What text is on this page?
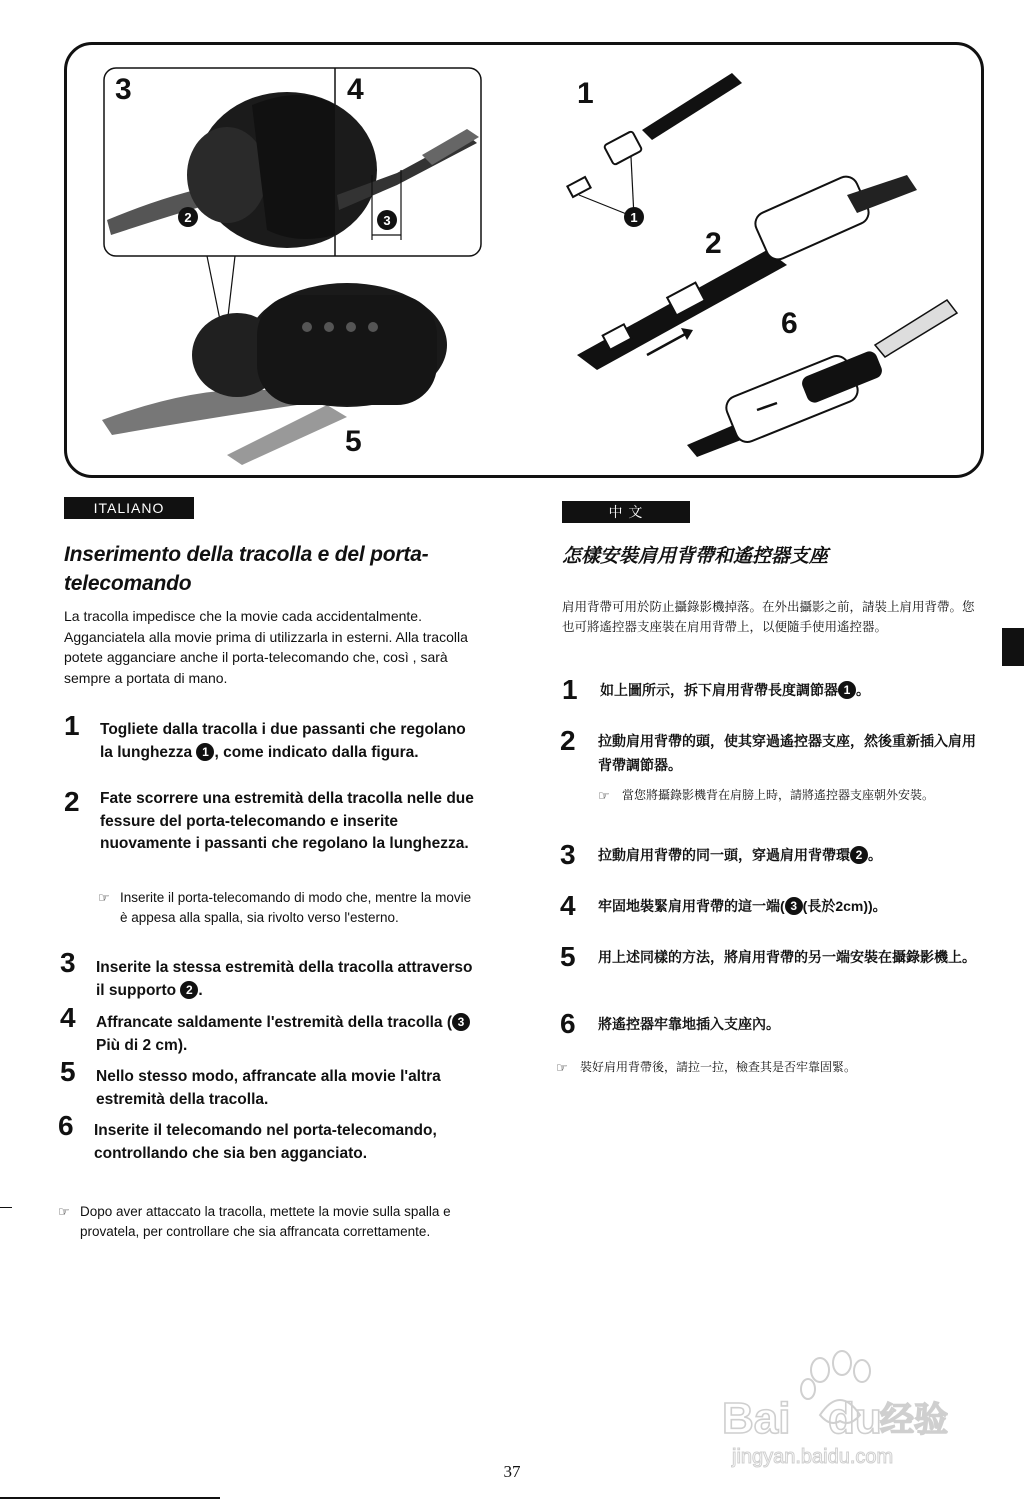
2	3	1
3	4	1
2
6
5
ITALIANO
Inserimento della tracolla e del porta-telecomando
La tracolla impedisce che la movie cada accidentalmente. Agganciatela alla movie prima di utilizzarla in esterni. Alla tracolla potete agganciare anche il porta-telecomando che, così , sarà sempre a portata di mano.
1 Togliete dalla tracolla i due passanti che regolano la lunghezza 1 , come indicato dalla figura.
2 Fate scorrere una estremità della tracolla nelle due fessure del porta-telecomando e inserite nuovamente i passanti che regolano la lunghezza.
☞ Inserite il porta-telecomando di modo che, mentre la movie è appesa alla spalla, sia rivolto verso l'esterno.
3 Inserite la stessa estremità della tracolla attraverso il supporto 2 .
4 Affrancate saldamente l'estremità della tracolla ( 3 Più di 2 cm).
5 Nello stesso modo, affrancate alla movie l'altra estremità della tracolla.
6 Inserite il telecomando nel porta-telecomando, controllando che sia ben agganciato.
☞ Dopo aver attaccato la tracolla, mettete la movie sulla spalla e provatela, per controllare che sia affrancata correttamente.
中 文
怎樣安裝肩用背帶和遙控器支座
肩用背帶可用於防止攝錄影機掉落。在外出攝影之前，請裝上肩用背帶。您也可將遙控器支座裝在肩用背帶上，以便隨手使用遙控器。
1 如上圖所示，拆下肩用背帶長度調節器 1 。
2 拉動肩用背帶的頭，使其穿過遙控器支座，然後重新插入肩用背帶調節器。
☞ 當您將攝錄影機背在肩膀上時，請將遙控器支座朝外安裝。
3 拉動肩用背帶的同一頭，穿過肩用背帶環 2 。
4 牢固地裝緊肩用背帶的這一端( 3 (長於2cm))。
5 用上述同樣的方法，將肩用背帶的另一端安裝在攝錄影機上。
6 將遙控器牢靠地插入支座內。
☞ 裝好肩用背帶後，請拉一拉，檢查其是否牢靠固緊。
37
Bai du
经验
jingyan.baidu.com
